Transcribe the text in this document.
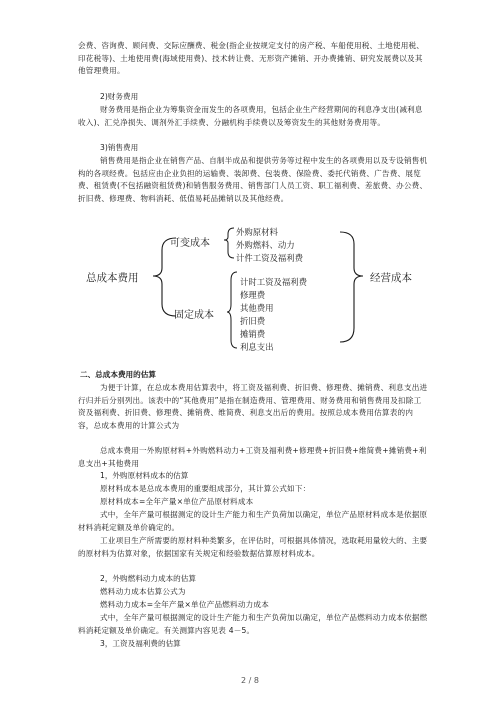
会费、咨询费、顾问费、交际应酬费、税金(指企业按规定支付的房产税、车船使用税、土地使用税、印花税等)、土地使用费(海域使用费)、技术转让费、无形资产摊销、开办费摊销、研究发展费以及其他管理费用。
2)财务费用
财务费用是指企业为筹集资金而发生的各项费用，包括企业生产经营期间的利息净支出(减利息收入)、汇兑净损失、调剂外汇手续费、分融机构手续费以及筹资发生的其他财务费用等。
3)销售费用
销售费用是指企业在销售产品、自制半成品和提供劳务等过程中发生的各项费用以及专设销售机构的各项经费。包括应由企业负担的运输费、装卸费、包装费、保险费、委托代销费、广告费、展览费、租赁费(不包括融资租赁费)和销售服务费用、销售部门人员工资、职工福利费、差旅费、办公费、折旧费、修理费、物料消耗、低值易耗品摊销以及其他经费。
总成本费用
可变成本
固定成本
外购原材料
外购燃料、动力
计件工资及福利费
计时工资及福利费
修理费
其他费用
折旧费
摊销费
利息支出
经营成本
二、总成本费用的估算
为便于计算，在总成本费用估算表中，将工资及福利费、折旧费、修理费、摊销费、利息支出进行归并后分别列出。该表中的“其他费用”是指在制造费用、管理费用、财务费用和销售费用及扣除工资及福利费、折旧费、修理费、摊销费、维简费、利息支出后的费用。按照总成本费用估算表的内容，总成本费用的计算公式为
总成本费用一外购原材料+外购燃料动力+工资及福利费+修理费+折旧费+维简费+摊销费+利息支出+其他费用
1，外购原材料成本的估算
原材料成本是总成本费用的重要组成部分，其计算公式如下：
原材料成本=全年产量×单位产品原材料成本
式中，全年产量可根据测定的设计生产能力和生产负荷加以确定，单位产品原材料成本是依据原材料消耗定额及单价确定的。
工业项目生产所需要的原材料种类繁多，在评估时，可根据具体情况，选取耗用量较大的、主要的原材料为估算对象，依据国家有关规定和经验数据估算原材料成本。
2，外购燃料动力成本的估算
燃料动力成本估算公式为
燃料动力成本=全年产量×单位产品燃料动力成本
式中，全年产量可根据测定的设计生产能力和生产负荷加以确定，单位产品燃料动力成本依据燃料消耗定额及单价确定。有关测算内容见表 4－5。
3，工资及福利费的估算
2 / 8
